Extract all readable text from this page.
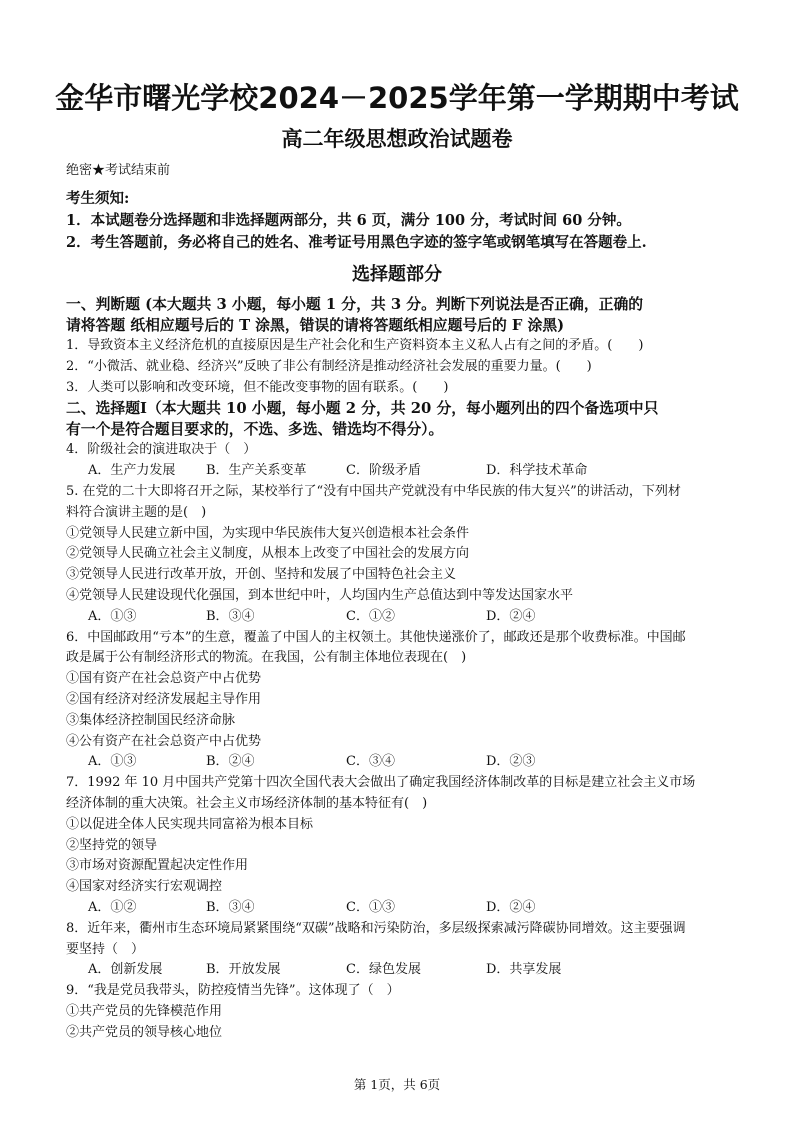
金华市曙光学校2024－2025学年第一学期期中考试
高二年级思想政治试题卷
绝密★考试结束前
考生须知:
1．本试题卷分选择题和非选择题两部分，共 6 页，满分 100 分，考试时间 60 分钟。
2．考生答题前，务必将自己的姓名、准考证号用黑色字迹的签字笔或钢笔填写在答题卷上.
选择题部分
一、判断题 (本大题共 3 小题，每小题 1 分，共 3 分。判断下列说法是否正确，正确的
请将答题 纸相应题号后的 T 涂黑，错误的请将答题纸相应题号后的 F 涂黑)
1．导致资本主义经济危机的直接原因是生产社会化和生产资料资本主义私人占有之间的矛盾。(　　)
2．“小微活、就业稳、经济兴”反映了非公有制经济是推动经济社会发展的重要力量。(　　)
3．人类可以影响和改变环境，但不能改变事物的固有联系。(　　)
二、选择题Ⅰ（本大题共 10 小题，每小题 2 分，共 20 分，每小题列出的四个备选项中只
有一个是符合题目要求的，不选、多选、错选均不得分）。
4．阶级社会的演进取决于（　）
A．生产力发展	B．生产关系变革	C．阶级矛盾	D．科学技术革命
5. 在党的二十大即将召开之际，某校举行了“没有中国共产党就没有中华民族的伟大复兴”的讲活动，下列材
料符合演讲主题的是(　)
①党领导人民建立新中国，为实现中华民族伟大复兴创造根本社会条件
②党领导人民确立社会主义制度，从根本上改变了中国社会的发展方向
③党领导人民进行改革开放，开创、坚持和发展了中国特色社会主义
④党领导人民建设现代化强国，到本世纪中叶，人均国内生产总值达到中等发达国家水平
A．①③	B．③④	C．①②	D．②④
6．中国邮政用“亏本”的生意，覆盖了中国人的主权领土。其他快递涨价了，邮政还是那个收费标准。中国邮
政是属于公有制经济形式的物流。在我国，公有制主体地位表现在(　)
①国有资产在社会总资产中占优势
②国有经济对经济发展起主导作用
③集体经济控制国民经济命脉
④公有资产在社会总资产中占优势
A．①③	B．②④	C．③④	D．②③
7．1992 年 10 月中国共产党第十四次全国代表大会做出了确定我国经济体制改革的目标是建立社会主义市场
经济体制的重大决策。社会主义市场经济体制的基本特征有(　)
①以促进全体人民实现共同富裕为根本目标
②坚持党的领导
③市场对资源配置起决定性作用
④国家对经济实行宏观调控
A．①②	B．③④	C．①③	D．②④
8．近年来，衢州市生态环境局紧紧围绕“双碳”战略和污染防治，多层级探索减污降碳协同增效。这主要强调
要坚持（　）
A．创新发展	B．开放发展	C．绿色发展	D．共享发展
9．“我是党员我带头，防控疫情当先锋”。这体现了（　）
①共产党员的先锋模范作用
②共产党员的领导核心地位
第 1页，共 6页
